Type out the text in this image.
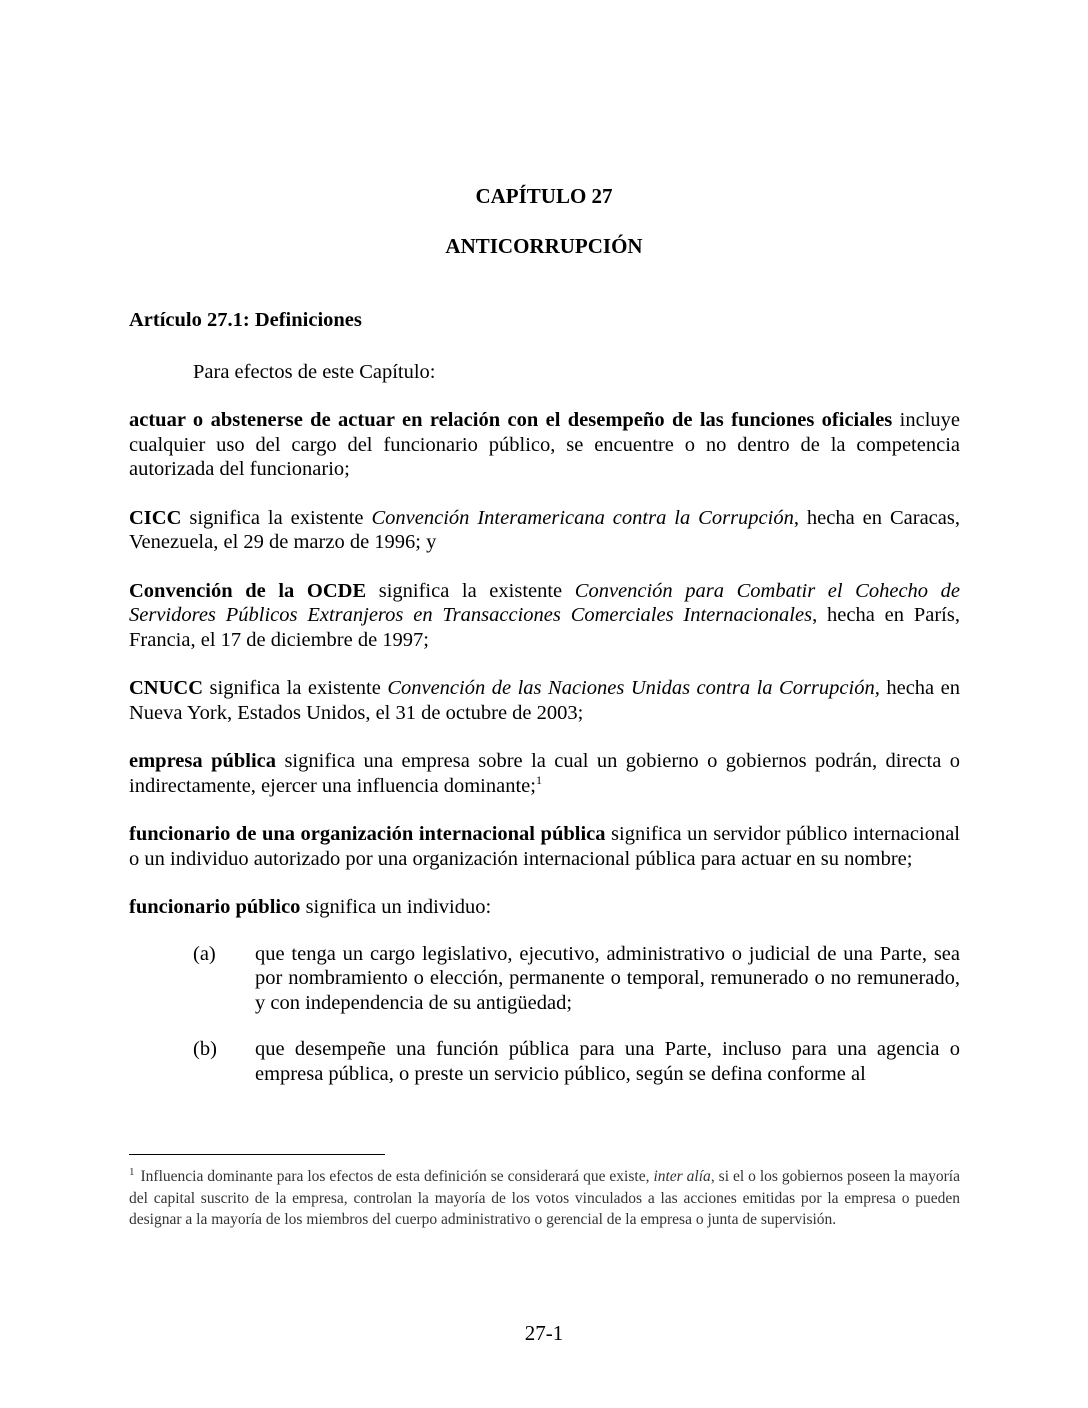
CAPÍTULO 27
ANTICORRUPCIÓN

Artículo 27.1: Definiciones

Para efectos de este Capítulo:

actuar o abstenerse de actuar en relación con el desempeño de las funciones oficiales incluye cualquier uso del cargo del funcionario público, se encuentre o no dentro de la competencia autorizada del funcionario;

CICC significa la existente Convención Interamericana contra la Corrupción, hecha en Caracas, Venezuela, el 29 de marzo de 1996; y

Convención de la OCDE significa la existente Convención para Combatir el Cohecho de Servidores Públicos Extranjeros en Transacciones Comerciales Internacionales, hecha en París, Francia, el 17 de diciembre de 1997;

CNUCC significa la existente Convención de las Naciones Unidas contra la Corrupción, hecha en Nueva York, Estados Unidos, el 31 de octubre de 2003;

empresa pública significa una empresa sobre la cual un gobierno o gobiernos podrán, directa o indirectamente, ejercer una influencia dominante;$^1$

funcionario de una organización internacional pública significa un servidor público internacional o un individuo autorizado por una organización internacional pública para actuar en su nombre;

funcionario público significa un individuo:

(a)	que tenga un cargo legislativo, ejecutivo, administrativo o judicial de una Parte, sea por nombramiento o elección, permanente o temporal, remunerado o no remunerado, y con independencia de su antigüedad;
(b)	que desempeñe una función pública para una Parte, incluso para una agencia o empresa pública, o preste un servicio público, según se defina conforme al
$^1$ Influencia dominante para los efectos de esta definición se considerará que existe, inter alía, si el o los gobiernos poseen la mayoría del capital suscrito de la empresa, controlan la mayoría de los votos vinculados a las acciones emitidas por la empresa o pueden designar a la mayoría de los miembros del cuerpo administrativo o gerencial de la empresa o junta de supervisión.
27-1
